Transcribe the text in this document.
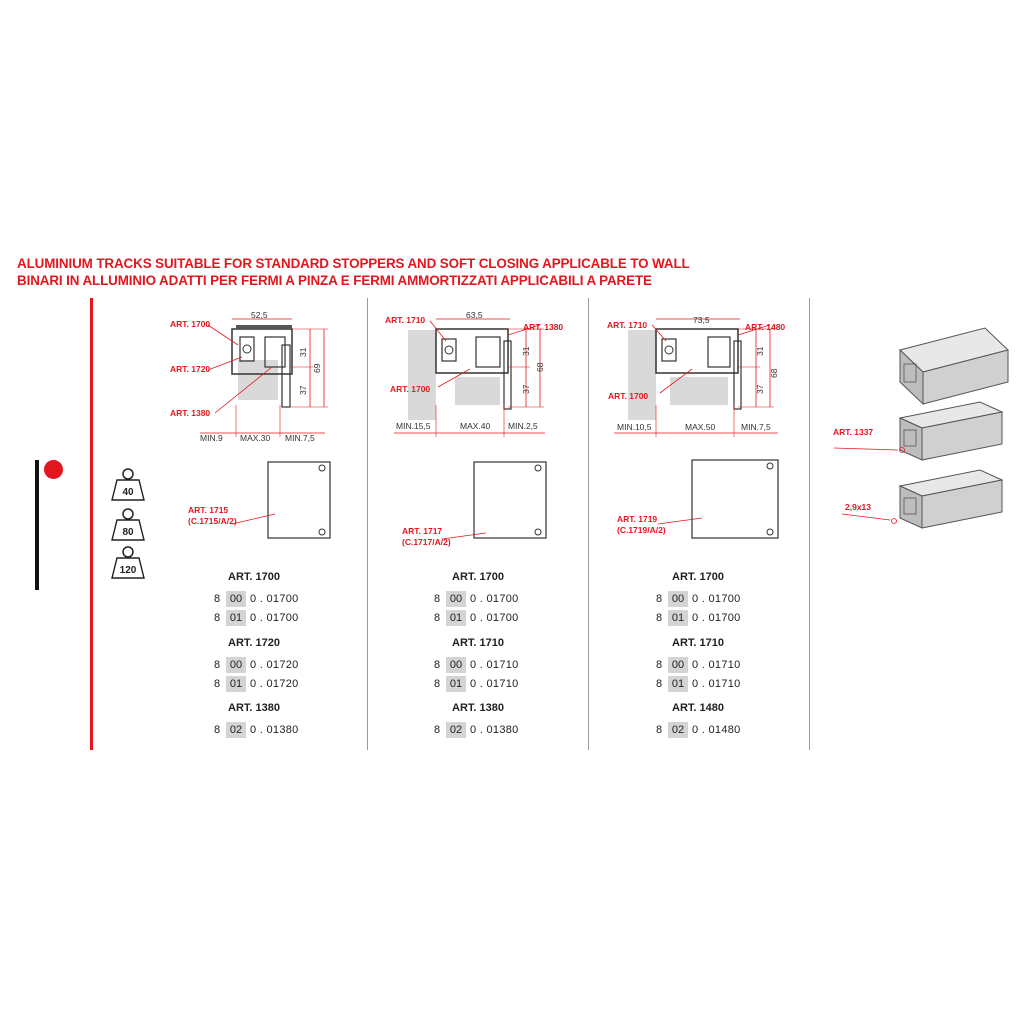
ALUMINIUM TRACKS SUITABLE FOR STANDARD STOPPERS AND SOFT CLOSING APPLICABLE TO WALL
BINARI IN ALLUMINIO ADATTI PER FERMI A PINZA E FERMI AMMORTIZZATI APPLICABILI A PARETE
40
80
120
ART. 1700
ART. 1720
ART. 1380
52,5
31
37
69
MIN.9 MAX.30 MIN.7,5
ART. 1715
(C.1715/A/2)
ART. 1700
8 00 0 . 01700
8 01 0 . 01700
ART. 1720
8 00 0 . 01720
8 01 0 . 01720
ART. 1380
8 02 0 . 01380
ART. 1710
ART. 1380
ART. 1700
63,5
31
37
68
MIN.15,5	MAX.40 MIN.2,5
ART. 1717
(C.1717/A/2)
ART. 1700
8 00 0 . 01700
8 01 0 . 01700
ART. 1710
8 00 0 . 01710
8 01 0 . 01710
ART. 1380
8 02 0 . 01380
ART. 1710	ART. 1480
ART. 1700
73,5
31
37
68
MIN.10,5	MAX.50	MIN.7,5
ART. 1719
(C.1719/A/2)
ART. 1700
8 00 0 . 01700
8 01 0 . 01700
ART. 1710
8 00 0 . 01710
8 01 0 . 01710
ART. 1480
8 02 0 . 01480
ART. 1337
2,9x13
